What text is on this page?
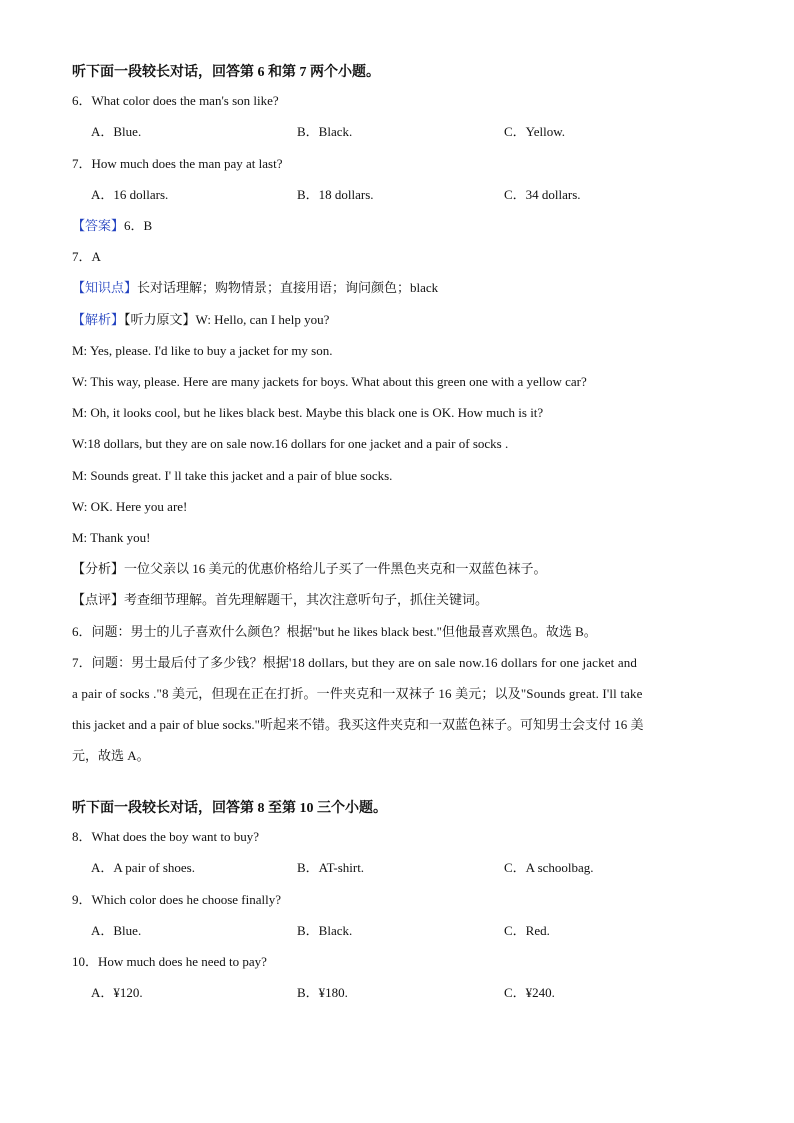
听下面一段较长对话，回答第 6 和第 7 两个小题。
6．What color does the man's son like?
A．Blue.	B．Black.	C．Yellow.
7．How much does the man pay at last?
A．16 dollars.	B．18 dollars.	C．34 dollars.
【答案】6．B
7．A
【知识点】长对话理解；购物情景；直接用语；询问颜色；black
【解析】【听力原文】W: Hello, can I help you?
M: Yes, please. I'd like to buy a jacket for my son.
W: This way, please. Here are many jackets for boys. What about this green one with a yellow car?
M: Oh, it looks cool, but he likes black best. Maybe this black one is OK. How much is it?
W:18 dollars, but they are on sale now.16 dollars for one jacket and a pair of socks .
M: Sounds great. I' ll take this jacket and a pair of blue socks.
W: OK. Here you are!
M: Thank you!
【分析】一位父亲以 16 美元的优惠价格给儿子买了一件黑色夹克和一双蓝色袜子。
【点评】考查细节理解。首先理解题干，其次注意听句子，抓住关键词。
6．问题：男士的儿子喜欢什么颜色？根据"but he likes black best."但他最喜欢黑色。故选 B。
7．问题：男士最后付了多少钱？根据'18 dollars, but they are on sale now.16 dollars for one jacket and
a pair of socks ."8 美元，但现在正在打折。一件夹克和一双袜子 16 美元；以及"Sounds great. I'll take
this jacket and a pair of blue socks."听起来不错。我买这件夹克和一双蓝色袜子。可知男士会支付 16 美
元，故选 A。
听下面一段较长对话，回答第 8 至第 10 三个小题。
8．What does the boy want to buy?
A．A pair of shoes.	B．AT-shirt.	C．A schoolbag.
9．Which color does he choose finally?
A．Blue.	B．Black.	C．Red.
10．How much does he need to pay?
A．¥120.	B．¥180.	C．¥240.
